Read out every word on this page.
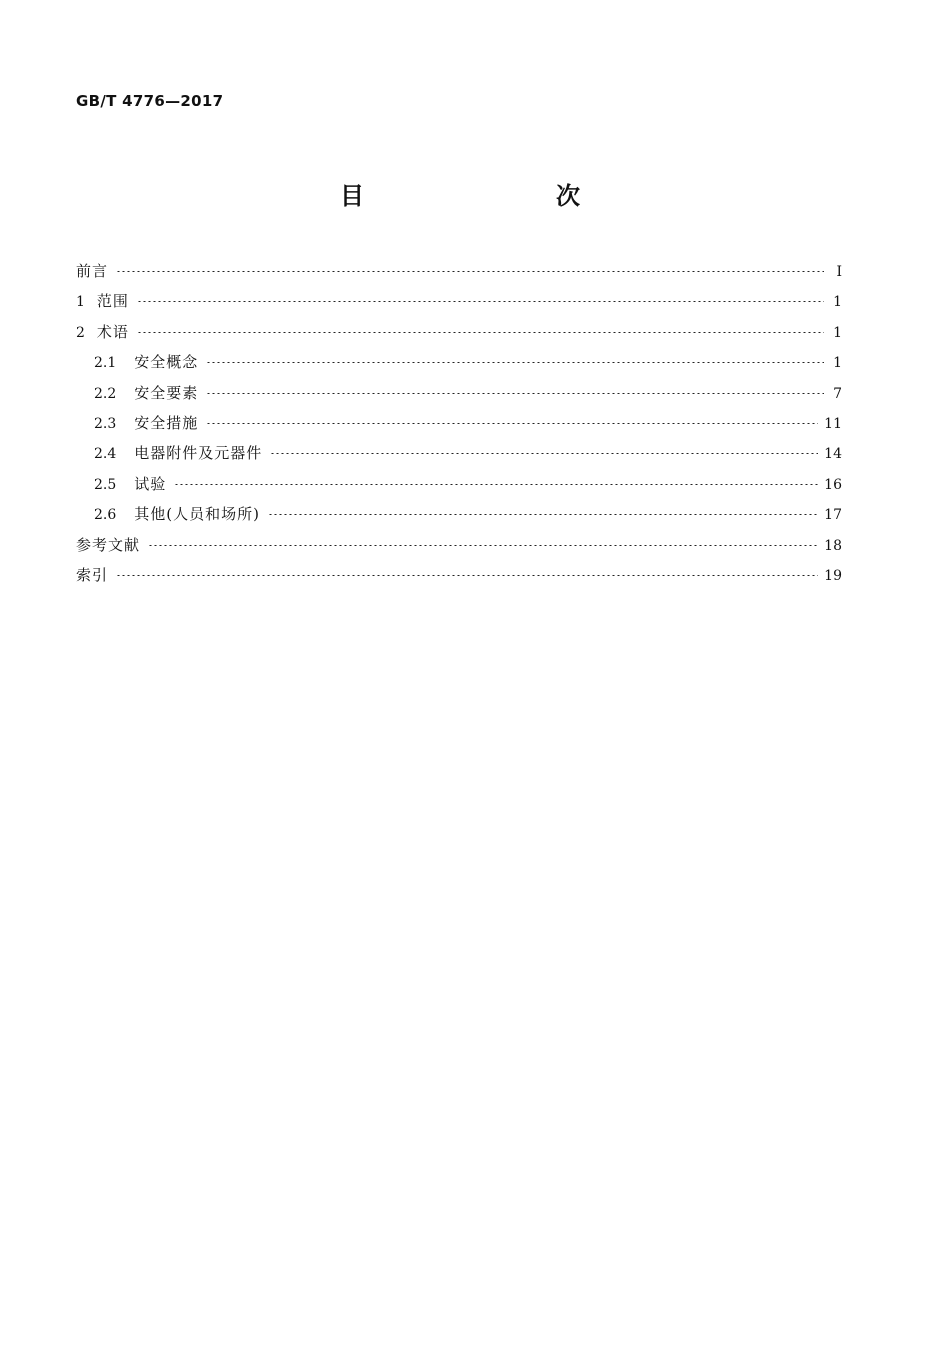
GB/T 4776—2017
目　　次
前言	Ⅰ
1 范围	1
2 术语	1
2.1 安全概念	1
2.2 安全要素	7
2.3 安全措施	11
2.4 电器附件及元器件	14
2.5 试验	16
2.6 其他(人员和场所)	17
参考文献	18
索引	19
